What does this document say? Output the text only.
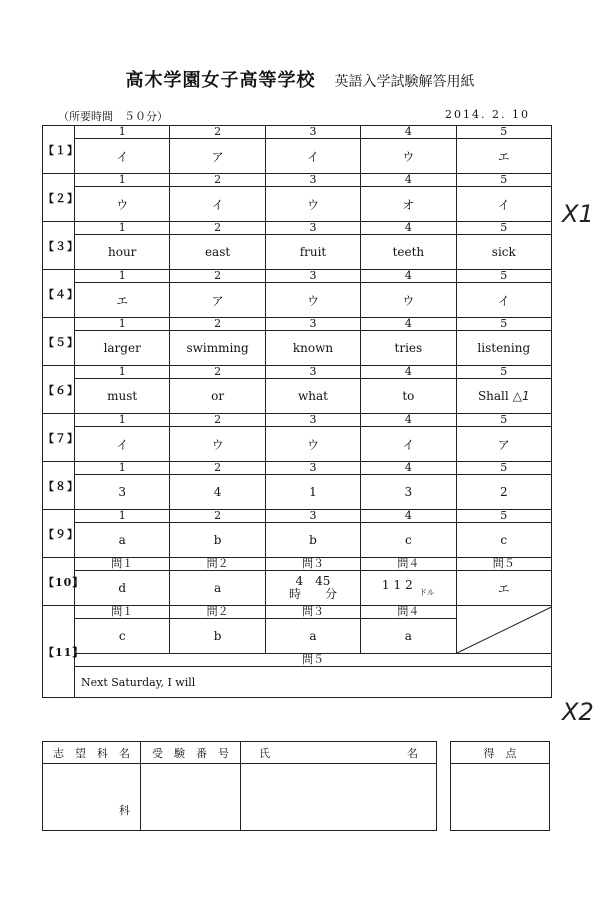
高木学園女子高等学校 英語入学試験解答用紙
（所要時間　５０分）	2014. 2. 10
【１】	1	2	3	4	5
	イ	ア	イ	ウ	エ
【２】	1	2	3	4	5
	ウ	イ	ウ	オ	イ
【３】	1	2	3	4	5
	hour	east	fruit	teeth	sick
【４】	1	2	3	4	5
	エ	ア	ウ	ウ	イ
【５】	1	2	3	4	5
	larger	swimming	known	tries	listening
【６】	1	2	3	4	5
	must	or	what	to	Shall △1
【７】	1	2	3	4	5
	イ	ウ	ウ	イ	ア
【８】	1	2	3	4	5
	3	4	1	3	2
【９】	1	2	3	4	5
	a	b	b	c	c
【10】	問１	問２	問３	問４	問５
	d	a	4　45
時　　分	$112_{ドル}$	エ
【11】	問１	問２	問３	問４	

	c	b	a	a	
	問５				
	Next Saturday, I will				
X1
X2
志　望　科　名	受　験　番　号	氏 名
科		
得　点
